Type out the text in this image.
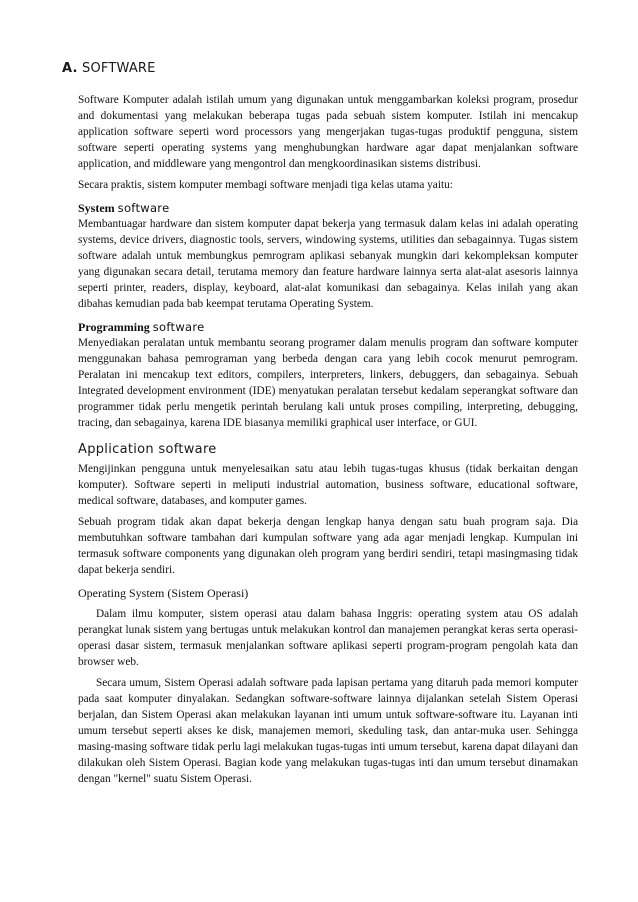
A. SOFTWARE

Software Komputer adalah istilah umum yang digunakan untuk menggambarkan koleksi program, prosedur and dokumentasi yang melakukan beberapa tugas pada sebuah sistem komputer. Istilah ini mencakup application software seperti word processors yang mengerjakan tugas-tugas produktif pengguna, sistem software seperti operating systems yang menghubungkan hardware agar dapat menjalankan software application, and middleware yang mengontrol dan mengkoordinasikan sistems distribusi.

Secara praktis, sistem komputer membagi software menjadi tiga kelas utama yaitu:

System software

Membantuagar hardware dan sistem komputer dapat bekerja yang termasuk dalam kelas ini adalah operating systems, device drivers, diagnostic tools, servers, windowing systems, utilities dan sebagainnya. Tugas sistem software adalah untuk membungkus pemrogram aplikasi sebanyak mungkin dari kekompleksan komputer yang digunakan secara detail, terutama memory dan feature hardware lainnya serta alat-alat asesoris lainnya seperti printer, readers, display, keyboard, alat-alat komunikasi dan sebagainya. Kelas inilah yang akan dibahas kemudian pada bab keempat terutama Operating System.

Programming software

Menyediakan peralatan untuk membantu seorang programer dalam menulis program dan software komputer menggunakan bahasa pemrograman yang berbeda dengan cara yang lebih cocok menurut pemrogram. Peralatan ini mencakup text editors, compilers, interpreters, linkers, debuggers, dan sebagainya. Sebuah Integrated development environment (IDE) menyatukan peralatan tersebut kedalam seperangkat software dan programmer tidak perlu mengetik perintah berulang kali untuk proses compiling, interpreting, debugging, tracing, dan sebagainya, karena IDE biasanya memiliki graphical user interface, or GUI.

Application software

Mengijinkan pengguna untuk menyelesaikan satu atau lebih tugas-tugas khusus (tidak berkaitan dengan komputer). Software seperti in meliputi industrial automation, business software, educational software, medical software, databases, and komputer games.

Sebuah program tidak akan dapat bekerja dengan lengkap hanya dengan satu buah program saja. Dia membutuhkan software tambahan dari kumpulan software yang ada agar menjadi lengkap. Kumpulan ini termasuk software components yang digunakan oleh program yang berdiri sendiri, tetapi masingmasing tidak dapat bekerja sendiri.

Operating System (Sistem Operasi)

Dalam ilmu komputer, sistem operasi atau dalam bahasa Inggris: operating system atau OS adalah perangkat lunak sistem yang bertugas untuk melakukan kontrol dan manajemen perangkat keras serta operasi-operasi dasar sistem, termasuk menjalankan software aplikasi seperti program-program pengolah kata dan browser web.

Secara umum, Sistem Operasi adalah software pada lapisan pertama yang ditaruh pada memori komputer pada saat komputer dinyalakan. Sedangkan software-software lainnya dijalankan setelah Sistem Operasi berjalan, dan Sistem Operasi akan melakukan layanan inti umum untuk software-software itu. Layanan inti umum tersebut seperti akses ke disk, manajemen memori, skeduling task, dan antar-muka user. Sehingga masing-masing software tidak perlu lagi melakukan tugas-tugas inti umum tersebut, karena dapat dilayani dan dilakukan oleh Sistem Operasi. Bagian kode yang melakukan tugas-tugas inti dan umum tersebut dinamakan dengan "kernel" suatu Sistem Operasi.
